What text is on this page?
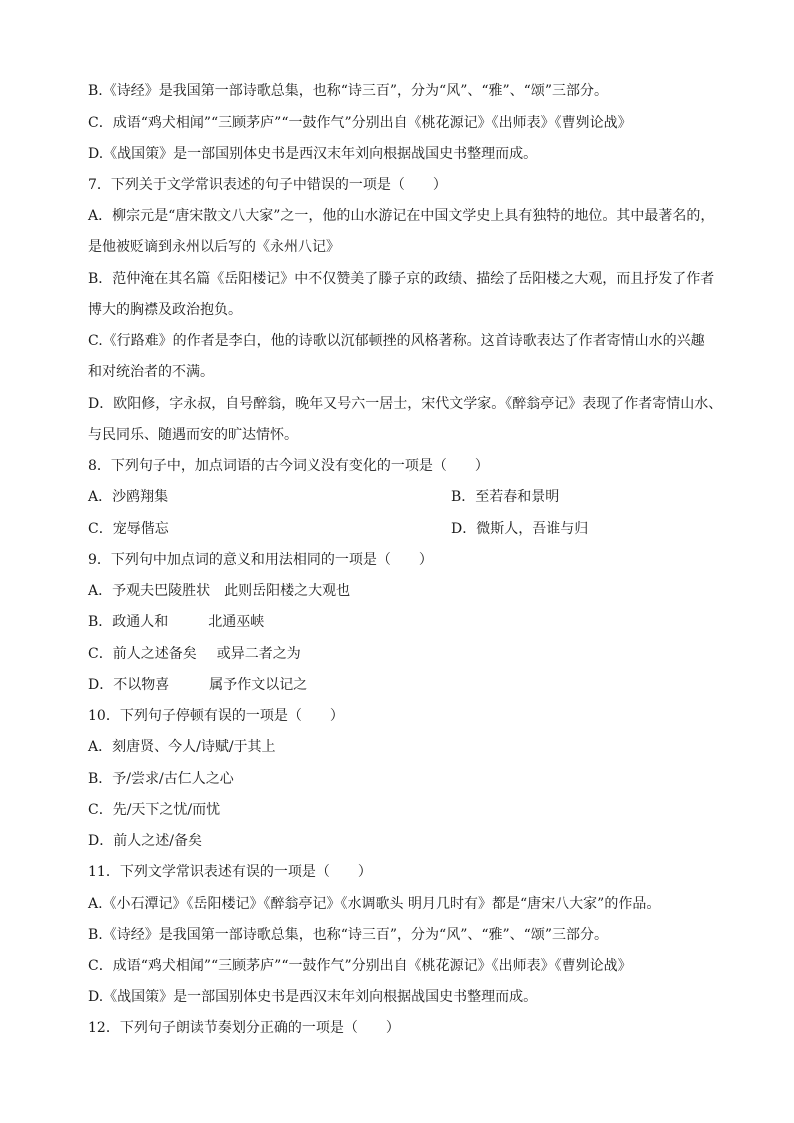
B.《诗经》是我国第一部诗歌总集，也称“诗三百”，分为“风”、“雅”、“颂”三部分。
C．成语“鸡犬相闻”“三顾茅庐”“一鼓作气”分别出自《桃花源记》《出师表》《曹刿论战》
D.《战国策》是一部国别体史书是西汉末年刘向根据战国史书整理而成。
7．下列关于文学常识表述的句子中错误的一项是（　　）
A．柳宗元是“唐宋散文八大家”之一，他的山水游记在中国文学史上具有独特的地位。其中最著名的，
是他被贬谪到永州以后写的《永州八记》
B．范仲淹在其名篇《岳阳楼记》中不仅赞美了滕子京的政绩、描绘了岳阳楼之大观，而且抒发了作者
博大的胸襟及政治抱负。
C.《行路难》的作者是李白，他的诗歌以沉郁顿挫的风格著称。这首诗歌表达了作者寄情山水的兴趣
和对统治者的不满。
D．欧阳修，字永叔，自号醉翁，晚年又号六一居士，宋代文学家。《醉翁亭记》表现了作者寄情山水、
与民同乐、随遇而安的旷达情怀。
8．下列句子中，加点词语的古今词义没有变化的一项是（　　）
A．沙鸥翔集	B．至若春和景明
C．宠辱偕忘	D．微斯人，吾谁与归
9．下列句中加点词的意义和用法相同的一项是（　　）
A．予观夫巴陵胜状 此则岳阳楼之大观也
B．政通人和	北通巫峡
C．前人之述备矣 或异二者之为
D．不以物喜	属予作文以记之
10．下列句子停顿有误的一项是（　　）
A．刻唐贤、今人/诗赋/于其上
B．予/尝求/古仁人之心
C．先/天下之忧/而忧
D．前人之述/备矣
11．下列文学常识表述有误的一项是（　　）
A.《小石潭记》《岳阳楼记》《醉翁亭记》《水调歌头 明月几时有》都是“唐宋八大家”的作品。
B.《诗经》是我国第一部诗歌总集，也称“诗三百”，分为“风”、“雅”、“颂”三部分。
C．成语“鸡犬相闻”“三顾茅庐”“一鼓作气”分别出自《桃花源记》《出师表》《曹刿论战》
D.《战国策》是一部国别体史书是西汉末年刘向根据战国史书整理而成。
12．下列句子朗读节奏划分正确的一项是（　　）
